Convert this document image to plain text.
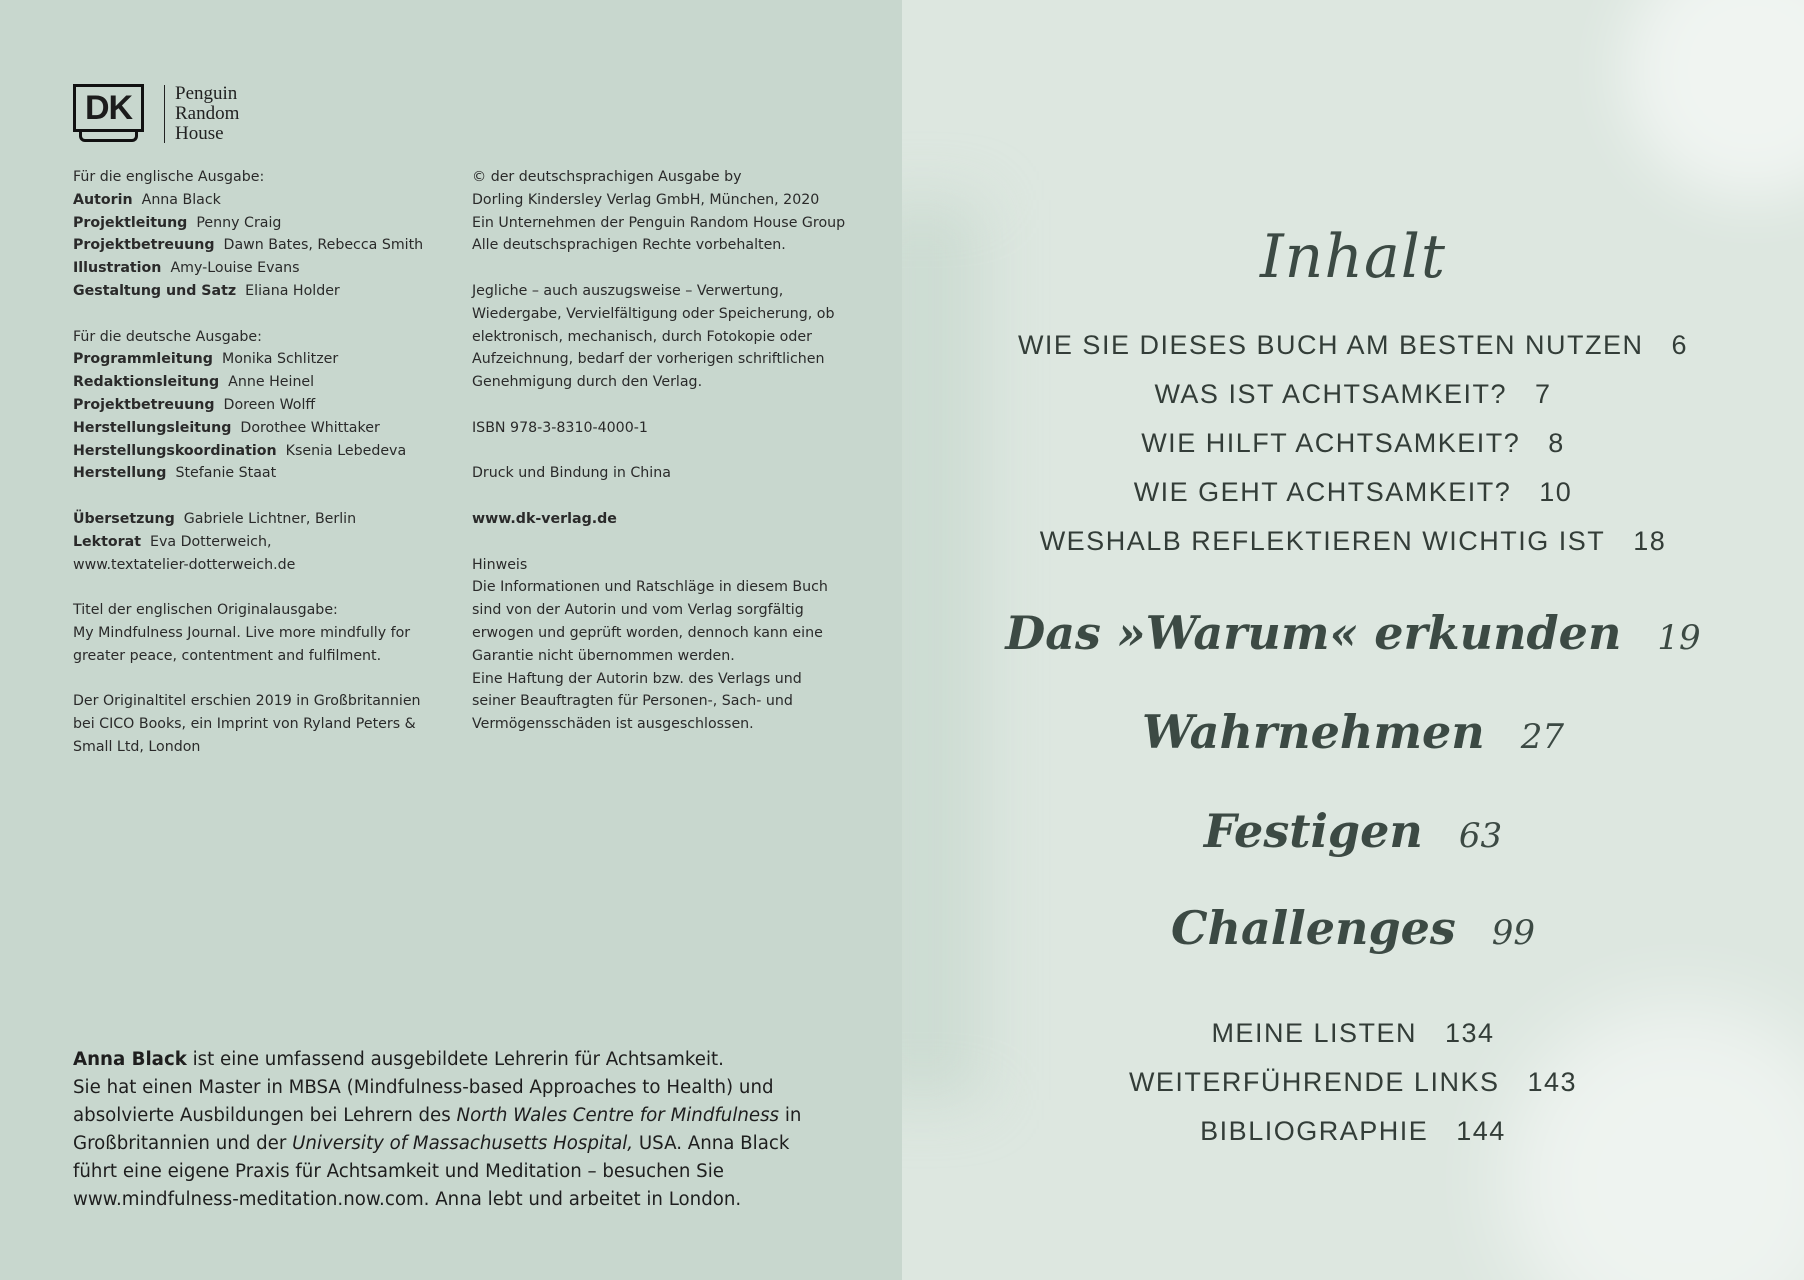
DK	Penguin
Random
House
Für die englische Ausgabe:
Autorin Anna Black
Projektleitung Penny Craig
Projektbetreuung Dawn Bates, Rebecca Smith
Illustration Amy-Louise Evans
Gestaltung und Satz Eliana Holder
Für die deutsche Ausgabe:
Programmleitung Monika Schlitzer
Redaktionsleitung Anne Heinel
Projektbetreuung Doreen Wolff
Herstellungsleitung Dorothee Whittaker
Herstellungskoordination Ksenia Lebedeva
Herstellung Stefanie Staat
Übersetzung Gabriele Lichtner, Berlin
Lektorat Eva Dotterweich,
www.textatelier-dotterweich.de
Titel der englischen Originalausgabe:
My Mindfulness Journal. Live more mindfully for
greater peace, contentment and fulfilment.
Der Originaltitel erschien 2019 in Großbritannien
bei CICO Books, ein Imprint von Ryland Peters &
Small Ltd, London
© der deutschsprachigen Ausgabe by
Dorling Kindersley Verlag GmbH, München, 2020
Ein Unternehmen der Penguin Random House Group
Alle deutschsprachigen Rechte vorbehalten.
Jegliche – auch auszugsweise – Verwertung,
Wiedergabe, Vervielfältigung oder Speicherung, ob
elektronisch, mechanisch, durch Fotokopie oder
Aufzeichnung, bedarf der vorherigen schriftlichen
Genehmigung durch den Verlag.
ISBN 978-3-8310-4000-1
Druck und Bindung in China
www.dk-verlag.de
Hinweis
Die Informationen und Ratschläge in diesem Buch
sind von der Autorin und vom Verlag sorgfältig
erwogen und geprüft worden, dennoch kann eine
Garantie nicht übernommen werden.
Eine Haftung der Autorin bzw. des Verlags und
seiner Beauftragten für Personen-, Sach- und
Vermögensschäden ist ausgeschlossen.
Anna Black ist eine umfassend ausgebildete Lehrerin für Achtsamkeit.
Sie hat einen Master in MBSA (Mindfulness-based Approaches to Health) und
absolvierte Ausbildungen bei Lehrern des North Wales Centre for Mindfulness in
Großbritannien und der University of Massachusetts Hospital, USA. Anna Black
führt eine eigene Praxis für Achtsamkeit und Meditation – besuchen Sie
www.mindfulness-meditation.now.com. Anna lebt und arbeitet in London.
Inhalt
WIE SIE DIESES BUCH AM BESTEN NUTZEN 6
WAS IST ACHTSAMKEIT? 7
WIE HILFT ACHTSAMKEIT? 8
WIE GEHT ACHTSAMKEIT? 10
WESHALB REFLEKTIEREN WICHTIG IST 18
Das »Warum« erkunden 19
Wahrnehmen 27
Festigen 63
Challenges 99
MEINE LISTEN 134
WEITERFÜHRENDE LINKS 143
BIBLIOGRAPHIE 144
